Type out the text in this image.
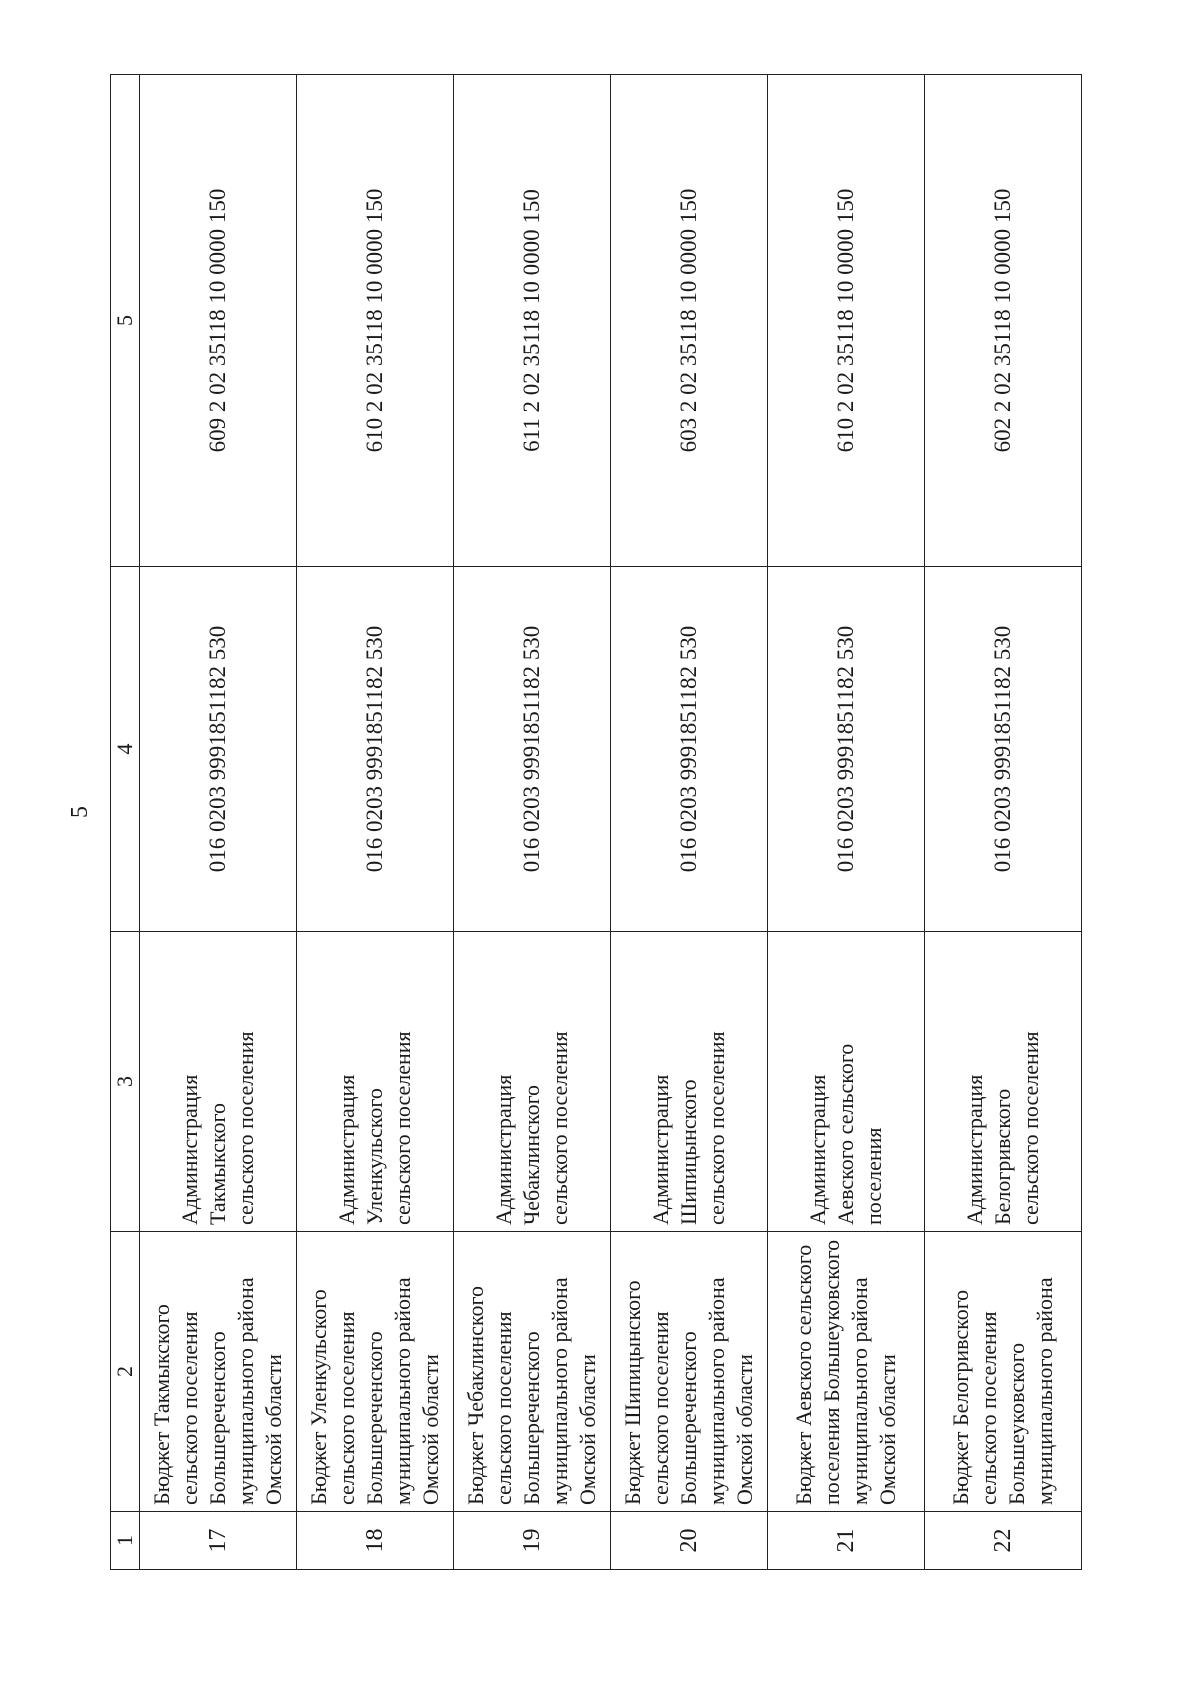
5
1	2	3	4	5
17	Бюджет Такмыкского сельского поселения Большереченского муниципального района Омской области	Администрация Такмыкского сельского поселения	016 0203 9991851182 530	609 2 02 35118 10 0000 150
18	Бюджет Уленкульского сельского поселения Большереченского муниципального района Омской области	Администрация Уленкульского сельского поселения	016 0203 9991851182 530	610 2 02 35118 10 0000 150
19	Бюджет Чебаклинского сельского поселения Большереченского муниципального района Омской области	Администрация Чебаклинского сельского поселения	016 0203 9991851182 530	611 2 02 35118 10 0000 150
20	Бюджет Шипицынского сельского поселения Большереченского муниципального района Омской области	Администрация Шипицынского сельского поселения	016 0203 9991851182 530	603 2 02 35118 10 0000 150
21	Бюджет Аевского сельского поселения Большеуковского муниципального района Омской области	Администрация Аевского сельского поселения	016 0203 9991851182 530	610 2 02 35118 10 0000 150
22	Бюджет Белогривского сельского поселения Большеуковского муниципального района	Администрация Белогривского сельского поселения	016 0203 9991851182 530	602 2 02 35118 10 0000 150
